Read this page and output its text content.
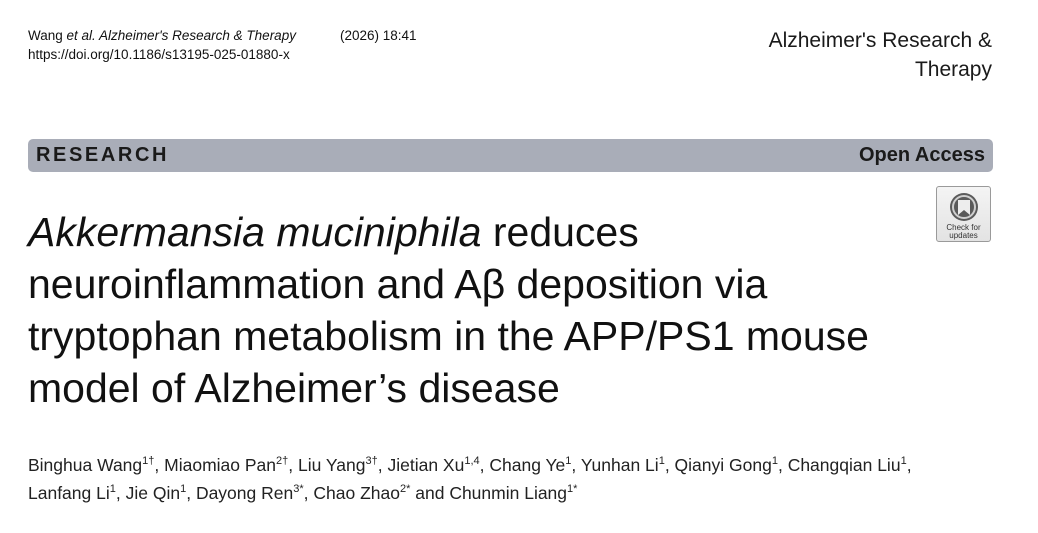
Wang et al. Alzheimer's Research & Therapy	(2026) 18:41
https://doi.org/10.1186/s13195-025-01880-x
Alzheimer's Research & Therapy
RESEARCH	Open Access
Check for updates
Akkermansia muciniphila reduces neuroinflammation and Aβ deposition via tryptophan metabolism in the APP/PS1 mouse model of Alzheimer’s disease
Binghua Wang$^{1\dagger}$, Miaomiao Pan$^{2\dagger}$, Liu Yang$^{3\dagger}$, Jietian Xu$^{1,4}$, Chang Ye$^1$, Yunhan Li$^1$, Qianyi Gong$^1$, Changqian Liu$^1$,
Lanfang Li$^1$, Jie Qin$^1$, Dayong Ren$^{3*}$, Chao Zhao$^{2*}$ and Chunmin Liang$^{1*}$
